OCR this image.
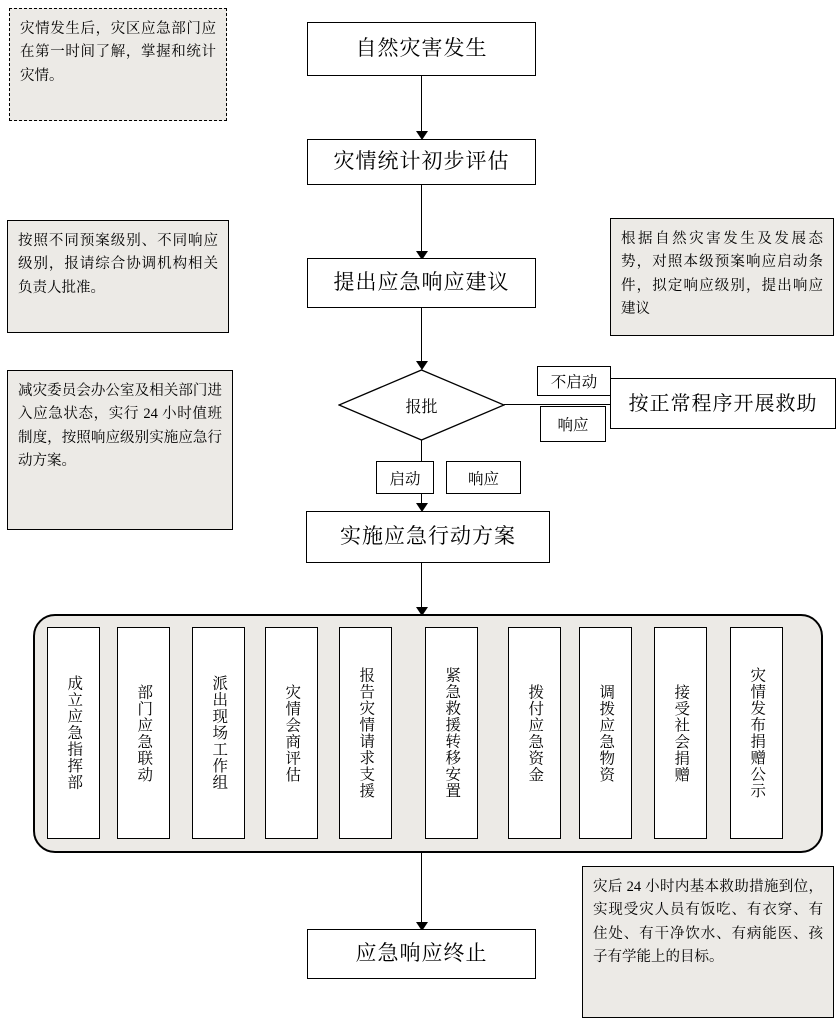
灾情发生后，灾区应急部门应在第一时间了解，掌握和统计灾情。
按照不同预案级别、不同响应级别，报请综合协调机构相关负责人批准。
根据自然灾害发生及发展态势，对照本级预案响应启动条件，拟定响应级别，提出响应建议
减灾委员会办公室及相关部门进入应急状态，实行 24 小时值班制度，按照响应级别实施应急行动方案。
灾后 24 小时内基本救助措施到位，实现受灾人员有饭吃、有衣穿、有住处、有干净饮水、有病能医、孩子有学能上的目标。
自然灾害发生
灾情统计初步评估
提出应急响应建议
报批
不启动
响应
启动	响应
按正常程序开展救助
实施应急行动方案
成立应急指挥部	部门应急联动	派出现场工作组	灾情会商评估	报告灾情请求支援	紧急救援转移安置	拨付应急资金	调拨应急物资	接受社会捐赠	灾情发布捐赠公示
应急响应终止
